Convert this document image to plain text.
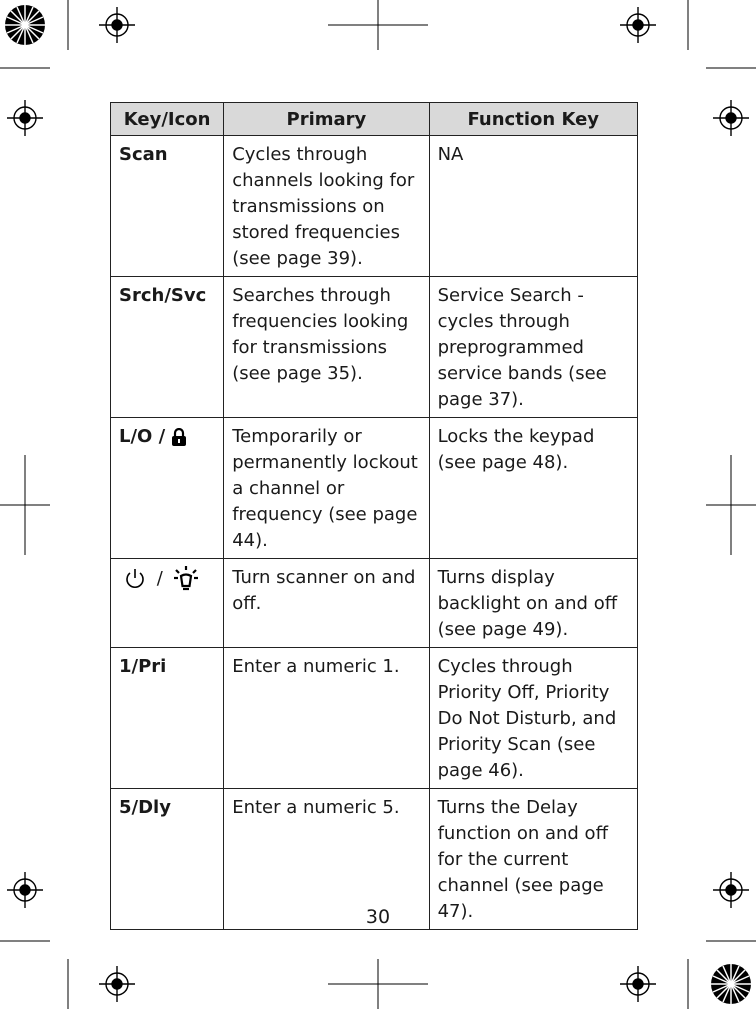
Key/Icon	Primary	Function Key
Scan	Cycles through channels looking for transmissions on stored frequencies (see page 39).	NA
Srch/Svc	Searches through frequencies looking for transmissions (see page 35).	Service Search - cycles through preprogrammed service bands (see page 37).
L/O /	Temporarily or permanently lockout a channel or frequency (see page 44).	Locks the keypad (see page 48).
/	Turn scanner on and off.	Turns display backlight on and off (see page 49).
1/Pri	Enter a numeric 1.	Cycles through Priority Off, Priority Do Not Disturb, and Priority Scan (see page 46).
5/Dly	Enter a numeric 5.	Turns the Delay function on and off for the current channel (see page 47).
30
